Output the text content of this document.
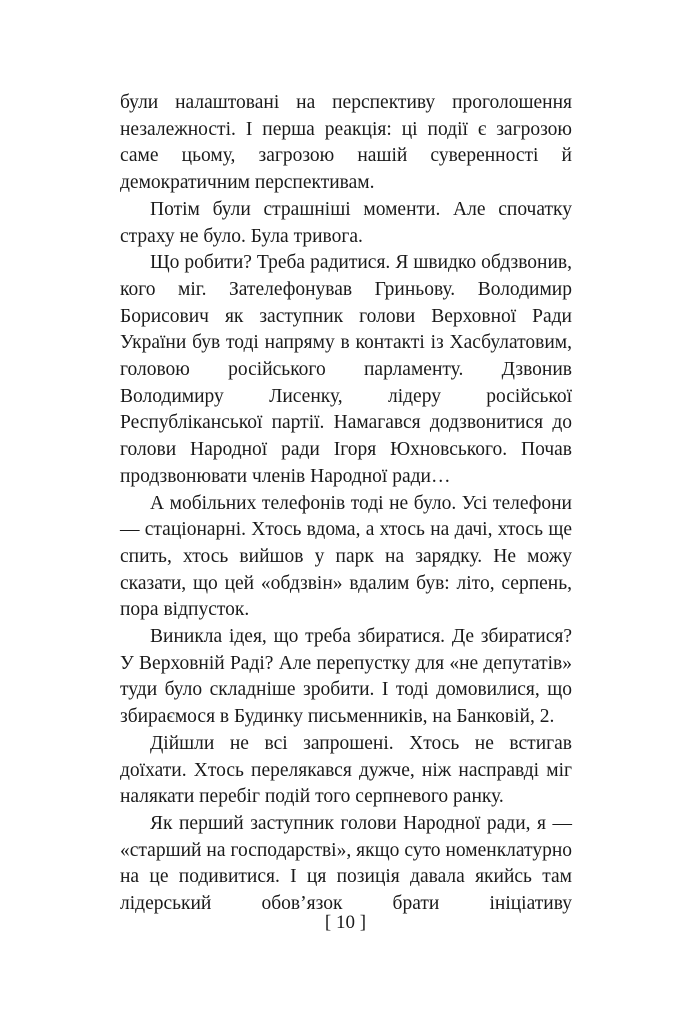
були налаштовані на перспективу проголошення незалежності. І перша реакція: ці події є загрозою саме цьому, загрозою нашій суверенності й демократичним перспективам.

Потім були страшніші моменти. Але спочатку страху не було. Була тривога.

Що робити? Треба радитися. Я швидко обдзвонив, кого міг. Зателефонував Гриньову. Володимир Борисович як заступник голови Верховної Ради України був тоді напряму в контакті із Хасбулатовим, головою російського парламенту. Дзвонив Володимиру Лисенку, лідеру російської Республіканської партії. Намагався додзвонитися до голови Народної ради Ігоря Юхновського. Почав продзвонювати членів Народної ради…

А мобільних телефонів тоді не було. Усі телефони — стаціонарні. Хтось вдома, а хтось на дачі, хтось ще спить, хтось вийшов у парк на зарядку. Не можу сказати, що цей «обдзвін» вдалим був: літо, серпень, пора відпусток.

Виникла ідея, що треба збиратися. Де збиратися? У Верховній Раді? Але перепустку для «не депутатів» туди було складніше зробити. І тоді домовилися, що збираємося в Будинку письменників, на Банковій, 2.

Дійшли не всі запрошені. Хтось не встигав доїхати. Хтось перелякався дужче, ніж насправді міг налякати перебіг подій того серпневого ранку.

Як перший заступник голови Народної ради, я — «старший на господарстві», якщо суто номенклатурно на це подивитися. І ця позиція давала якийсь там лідерський обов’язок брати ініціативу

[ 10 ]
